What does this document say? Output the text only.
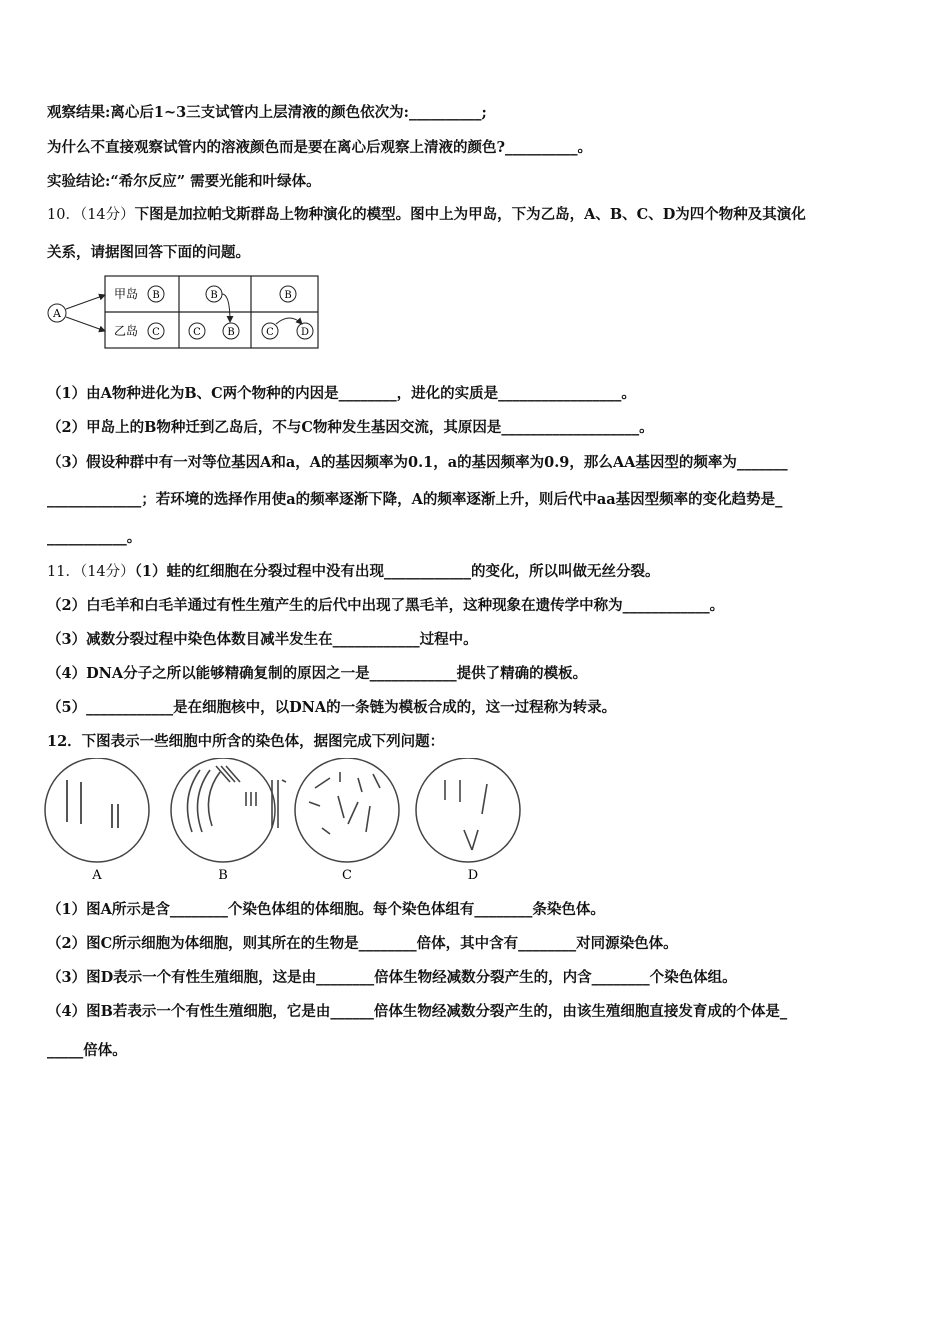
观察结果:离心后1~3三支试管内上层清液的颜色依次为:__________;
为什么不直接观察试管内的溶液颜色而是要在离心后观察上清液的颜色?__________。
实验结论:“希尔反应” 需要光能和叶绿体。
10．（14分）下图是加拉帕戈斯群岛上物种演化的模型。图中上为甲岛，下为乙岛，A、B、C、D为四个物种及其演化
关系，请据图回答下面的问题。
A
甲岛
乙岛
B
C
B
C	B
B
C	D
（1）由A物种进化为B、C两个物种的内因是________，进化的实质是_________________。
（2）甲岛上的B物种迁到乙岛后，不与C物种发生基因交流，其原因是___________________。
（3）假设种群中有一对等位基因A和a，A的基因频率为0.1，a的基因频率为0.9，那么AA基因型的频率为_______
_____________；若环境的选择作用使a的频率逐渐下降，A的频率逐渐上升，则后代中aa基因型频率的变化趋势是_
___________。
11．（14分）（1）蛙的红细胞在分裂过程中没有出现____________的变化，所以叫做无丝分裂。
（2）白毛羊和白毛羊通过有性生殖产生的后代中出现了黑毛羊，这种现象在遗传学中称为____________。
（3）减数分裂过程中染色体数目减半发生在____________过程中。
（4）DNA分子之所以能够精确复制的原因之一是____________提供了精确的模板。
（5）____________是在细胞核中，以DNA的一条链为模板合成的，这一过程称为转录。
12．下图表示一些细胞中所含的染色体，据图完成下列问题：
A	B	C	D
（1）图A所示是含________个染色体组的体细胞。每个染色体组有________条染色体。
（2）图C所示细胞为体细胞，则其所在的生物是________倍体，其中含有________对同源染色体。
（3）图D表示一个有性生殖细胞，这是由________倍体生物经减数分裂产生的，内含________个染色体组。
（4）图B若表示一个有性生殖细胞，它是由______倍体生物经减数分裂产生的，由该生殖细胞直接发育成的个体是_
_____倍体。
